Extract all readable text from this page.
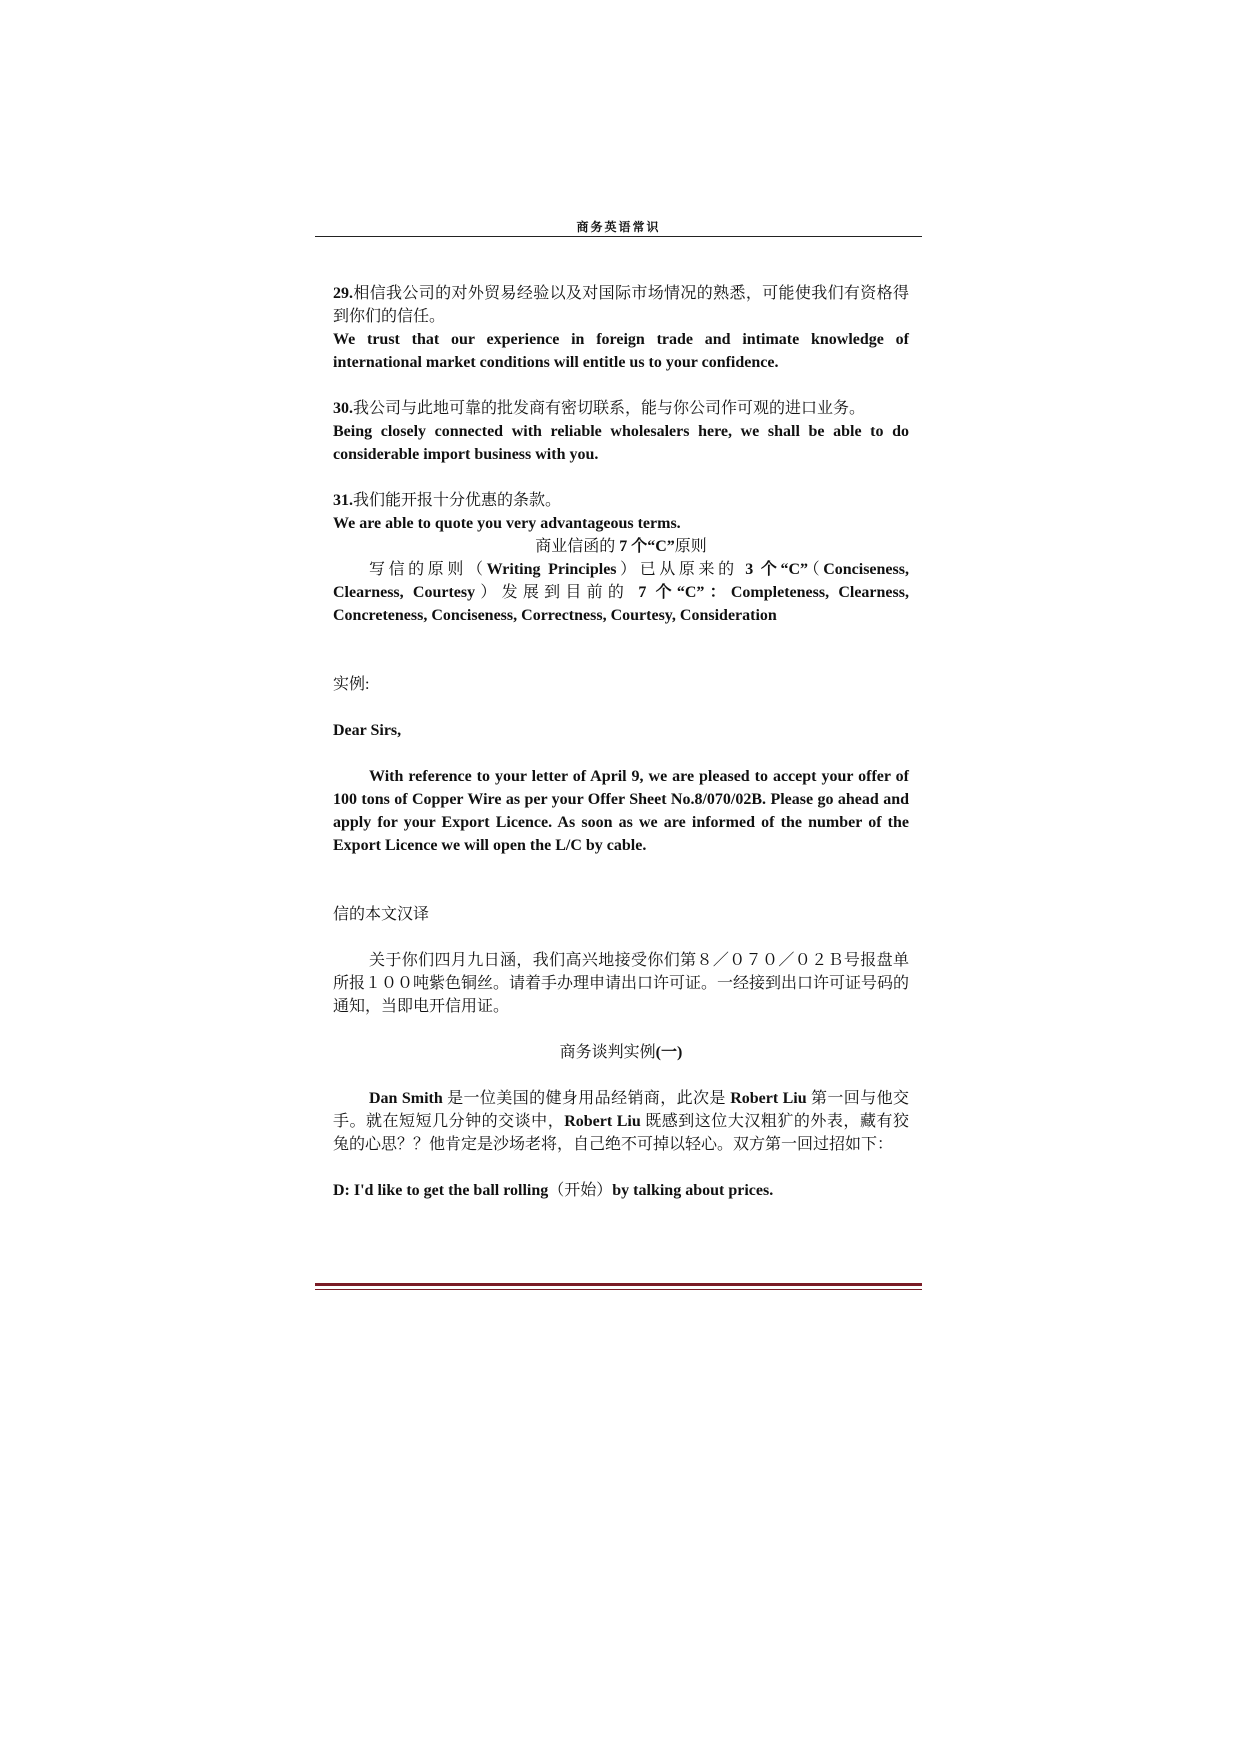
商务英语常识

29.相信我公司的对外贸易经验以及对国际市场情况的熟悉，可能使我们有资格得到你们的信任。

We trust that our experience in foreign trade and intimate knowledge of international market conditions will entitle us to your confidence.

30.我公司与此地可靠的批发商有密切联系，能与你公司作可观的进口业务。

Being closely connected with reliable wholesalers here, we shall be able to do considerable import business with you.

31.我们能开报十分优惠的条款。

We are able to quote you very advantageous terms.

商业信函的 7 个“C”原则

写信的原则（Writing Principles）已从原来的 3 个“C”（Conciseness, Clearness, Courtesy）发展到目前的 7 个“C”：Completeness, Clearness, Concreteness, Conciseness, Correctness, Courtesy, Consideration

实例:

Dear Sirs,

With reference to your letter of April 9, we are pleased to accept your offer of 100 tons of Copper Wire as per your Offer Sheet No.8/070/02B. Please go ahead and apply for your Export Licence. As soon as we are informed of the number of the Export Licence we will open the L/C by cable.

信的本文汉译

关于你们四月九日涵，我们高兴地接受你们第８／０７０／０２Ｂ号报盘单所报１００吨紫色铜丝。请着手办理申请出口许可证。一经接到出口许可证号码的通知，当即电开信用证。

商务谈判实例(一)

Dan Smith 是一位美国的健身用品经销商，此次是 Robert Liu 第一回与他交手。就在短短几分钟的交谈中，Robert Liu 既感到这位大汉粗犷的外表，藏有狡兔的心思？？他肯定是沙场老将，自己绝不可掉以轻心。双方第一回过招如下：

D: I'd like to get the ball rolling（开始）by talking about prices.
